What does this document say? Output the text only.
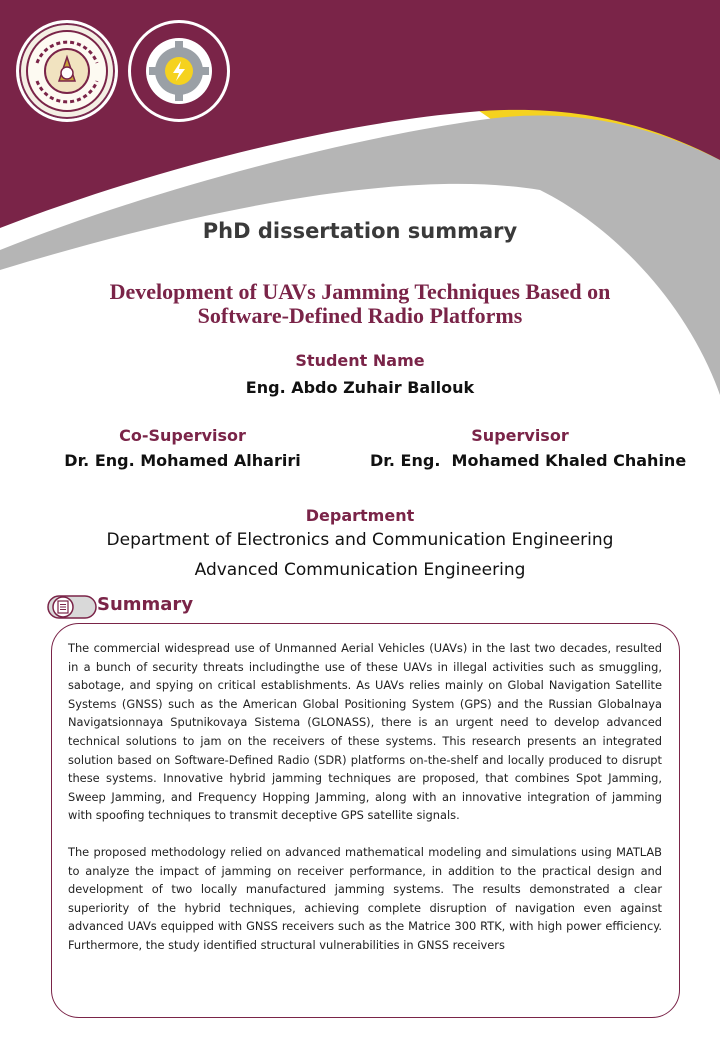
PhD dissertation summary
Development of UAVs Jamming Techniques Based on
Software-Defined Radio Platforms
Student Name
Eng. Abdo Zuhair Ballouk
Co-Supervisor
Dr. Eng. Mohamed Alhariri
Supervisor
Dr. Eng.  Mohamed Khaled Chahine
Department
Department of Electronics and Communication Engineering
Advanced Communication Engineering
Summary
The commercial widespread use of Unmanned Aerial Vehicles (UAVs) in the last two decades, resulted in a bunch of security threats includingthe use of these UAVs in illegal activities such as smuggling, sabotage, and spying on critical establishments. As UAVs relies mainly on Global Navigation Satellite Systems (GNSS) such as the American Global Positioning System (GPS) and the Russian Globalnaya Navigatsionnaya Sputnikovaya Sistema (GLONASS), there is an urgent need to develop advanced technical solutions to jam on the receivers of these systems. This research presents an integrated solution based on Software-Defined Radio (SDR) platforms on-the-shelf and locally produced to disrupt these systems. Innovative hybrid jamming techniques are proposed, that combines Spot Jamming, Sweep Jamming, and Frequency Hopping Jamming, along with an innovative integration of jamming with spoofing techniques to transmit deceptive GPS satellite signals.
The proposed methodology relied on advanced mathematical modeling and simulations using MATLAB to analyze the impact of jamming on receiver performance, in addition to the practical design and development of two locally manufactured jamming systems. The results demonstrated a clear superiority of the hybrid techniques, achieving complete disruption of navigation even against advanced UAVs equipped with GNSS receivers such as the Matrice 300 RTK, with high power efficiency. Furthermore, the study identified structural vulnerabilities in GNSS receivers
